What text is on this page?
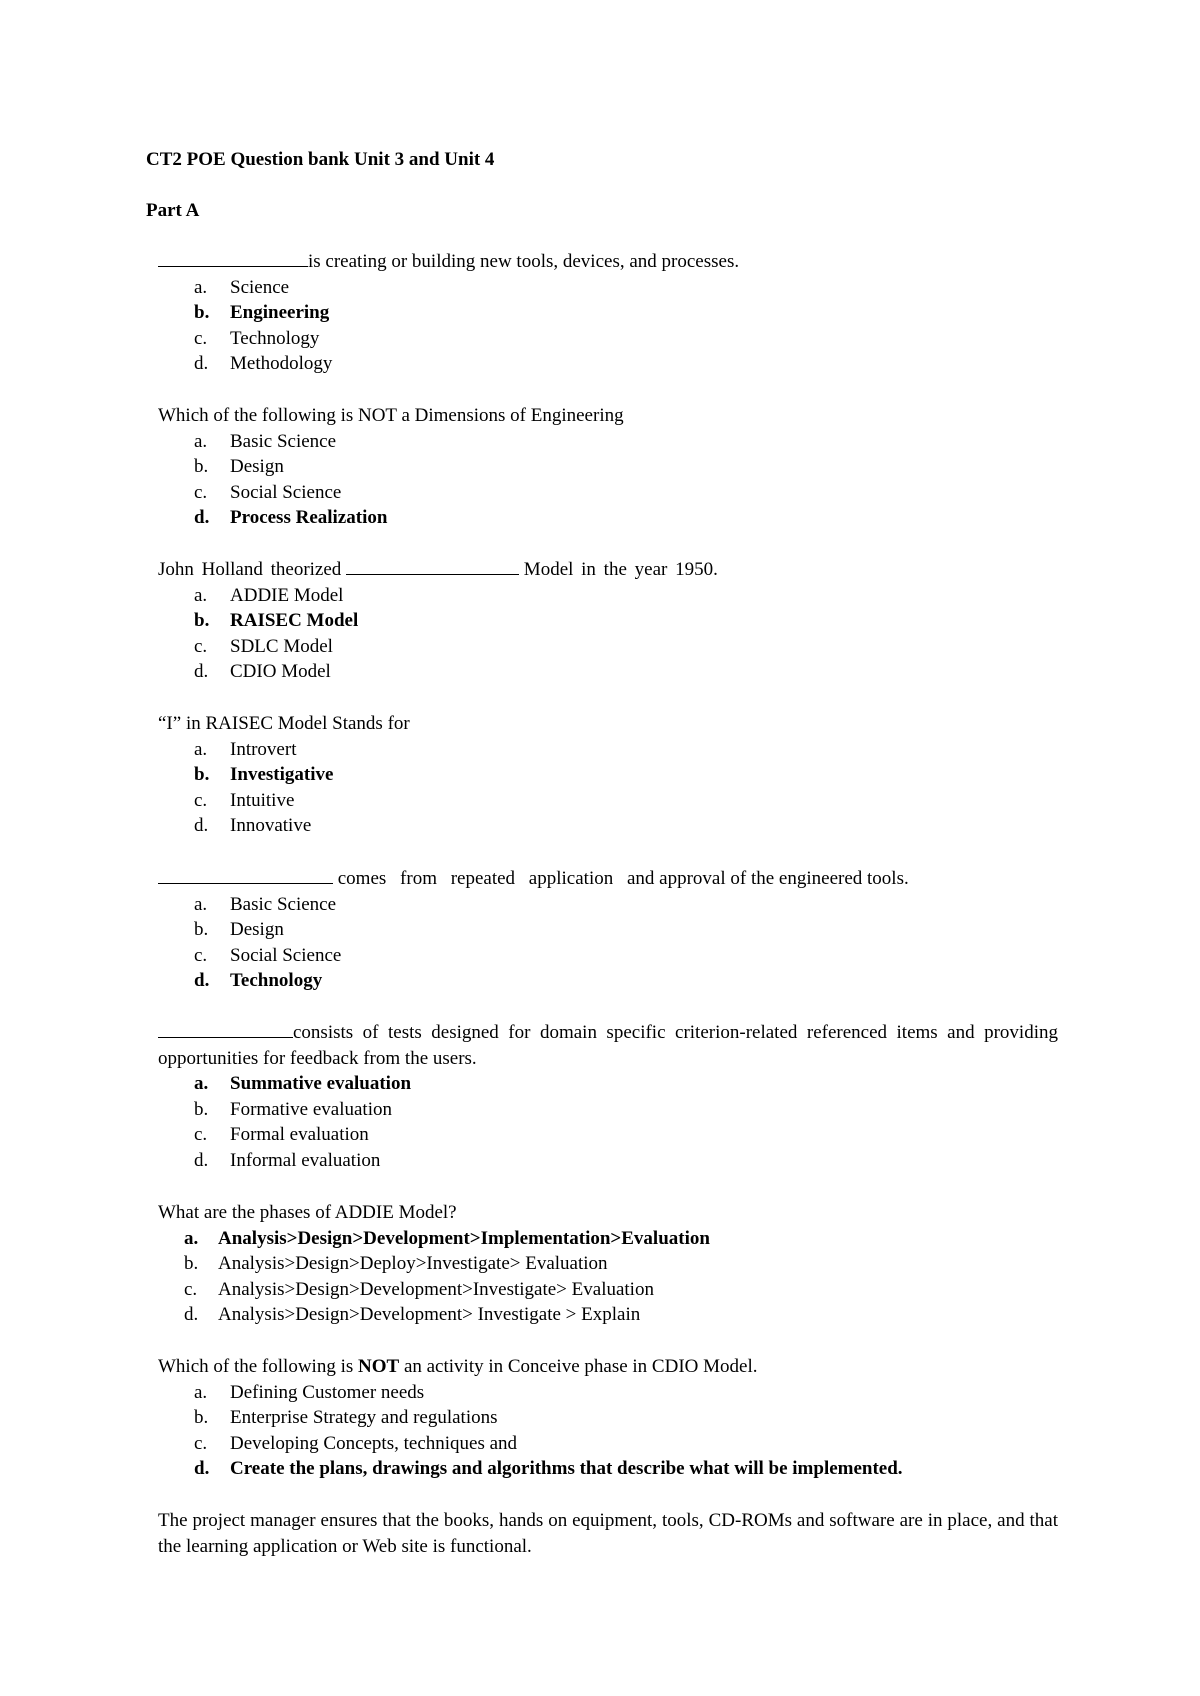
CT2 POE Question bank Unit 3 and Unit 4
Part A
is creating or building new tools, devices, and processes.
a.	Science
b.	Engineering
c.	Technology
d.	Methodology
Which of the following is NOT a Dimensions of Engineering
a.	Basic Science
b.	Design
c.	Social Science
d.	Process Realization
John Holland theorized	Model in the year 1950.
a.	ADDIE Model
b.	RAISEC Model
c.	SDLC Model
d.	CDIO Model
“I” in RAISEC Model Stands for
a.	Introvert
b.	Investigative
c.	Intuitive
d.	Innovative
comes from repeated application and approval of the engineered tools.
a.	Basic Science
b.	Design
c.	Social Science
d.	Technology
consists of tests designed for domain specific criterion-related referenced items and providing opportunities for feedback from the users.
a.	Summative evaluation
b.	Formative evaluation
c.	Formal evaluation
d.	Informal evaluation
What are the phases of ADDIE Model?
a.	Analysis>Design>Development>Implementation>Evaluation
b.	Analysis>Design>Deploy>Investigate> Evaluation
c.	Analysis>Design>Development>Investigate> Evaluation
d.	Analysis>Design>Development> Investigate > Explain
Which of the following is NOT an activity in Conceive phase in CDIO Model.
a.	Defining Customer needs
b.	Enterprise Strategy and regulations
c.	Developing Concepts, techniques and
d.	Create the plans, drawings and algorithms that describe what will be implemented.
The project manager ensures that the books, hands on equipment, tools, CD-ROMs and software are in place, and that the learning application or Web site is functional.
